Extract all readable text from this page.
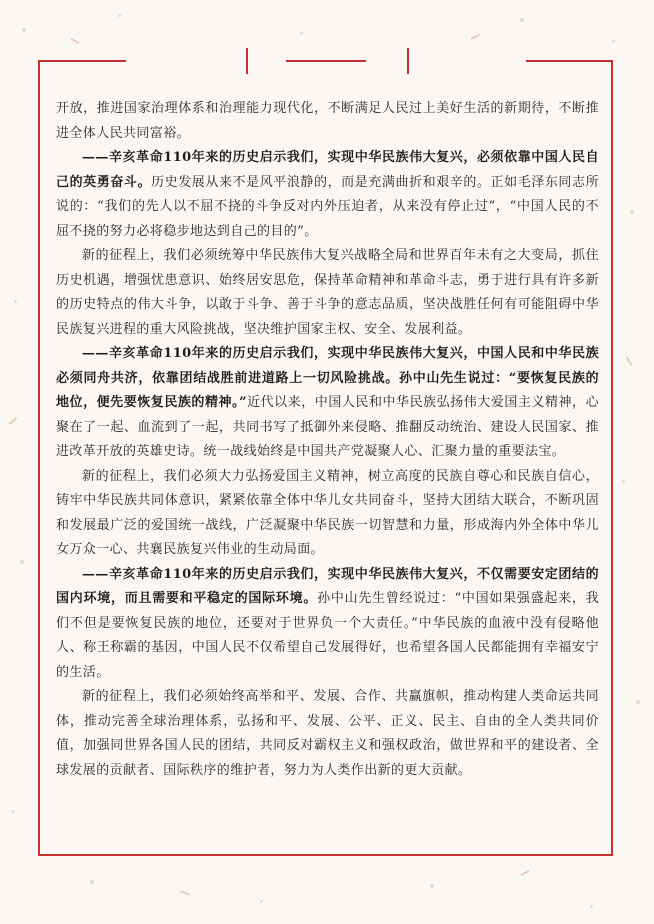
开放，推进国家治理体系和治理能力现代化，不断满足人民过上美好生活的新期待，不断推进全体人民共同富裕。

——辛亥革命110年来的历史启示我们，实现中华民族伟大复兴，必须依靠中国人民自己的英勇奋斗。历史发展从来不是风平浪静的，而是充满曲折和艰辛的。正如毛泽东同志所说的：“我们的先人以不屈不挠的斗争反对内外压迫者，从来没有停止过”，“中国人民的不屈不挠的努力必将稳步地达到自己的目的”。

新的征程上，我们必须统筹中华民族伟大复兴战略全局和世界百年未有之大变局，抓住历史机遇，增强忧患意识、始终居安思危，保持革命精神和革命斗志，勇于进行具有许多新的历史特点的伟大斗争，以敢于斗争、善于斗争的意志品质，坚决战胜任何有可能阻碍中华民族复兴进程的重大风险挑战，坚决维护国家主权、安全、发展利益。

——辛亥革命110年来的历史启示我们，实现中华民族伟大复兴，中国人民和中华民族必须同舟共济，依靠团结战胜前进道路上一切风险挑战。孙中山先生说过：“要恢复民族的地位，便先要恢复民族的精神。”近代以来，中国人民和中华民族弘扬伟大爱国主义精神，心聚在了一起、血流到了一起，共同书写了抵御外来侵略、推翻反动统治、建设人民国家、推进改革开放的英雄史诗。统一战线始终是中国共产党凝聚人心、汇聚力量的重要法宝。

新的征程上，我们必须大力弘扬爱国主义精神，树立高度的民族自尊心和民族自信心，铸牢中华民族共同体意识，紧紧依靠全体中华儿女共同奋斗，坚持大团结大联合，不断巩固和发展最广泛的爱国统一战线，广泛凝聚中华民族一切智慧和力量，形成海内外全体中华儿女万众一心、共襄民族复兴伟业的生动局面。

——辛亥革命110年来的历史启示我们，实现中华民族伟大复兴，不仅需要安定团结的国内环境，而且需要和平稳定的国际环境。孙中山先生曾经说过：“中国如果强盛起来，我们不但是要恢复民族的地位，还要对于世界负一个大责任。”中华民族的血液中没有侵略他人、称王称霸的基因，中国人民不仅希望自己发展得好，也希望各国人民都能拥有幸福安宁的生活。

新的征程上，我们必须始终高举和平、发展、合作、共赢旗帜，推动构建人类命运共同体，推动完善全球治理体系，弘扬和平、发展、公平、正义、民主、自由的全人类共同价值，加强同世界各国人民的团结，共同反对霸权主义和强权政治，做世界和平的建设者、全球发展的贡献者、国际秩序的维护者，努力为人类作出新的更大贡献。
